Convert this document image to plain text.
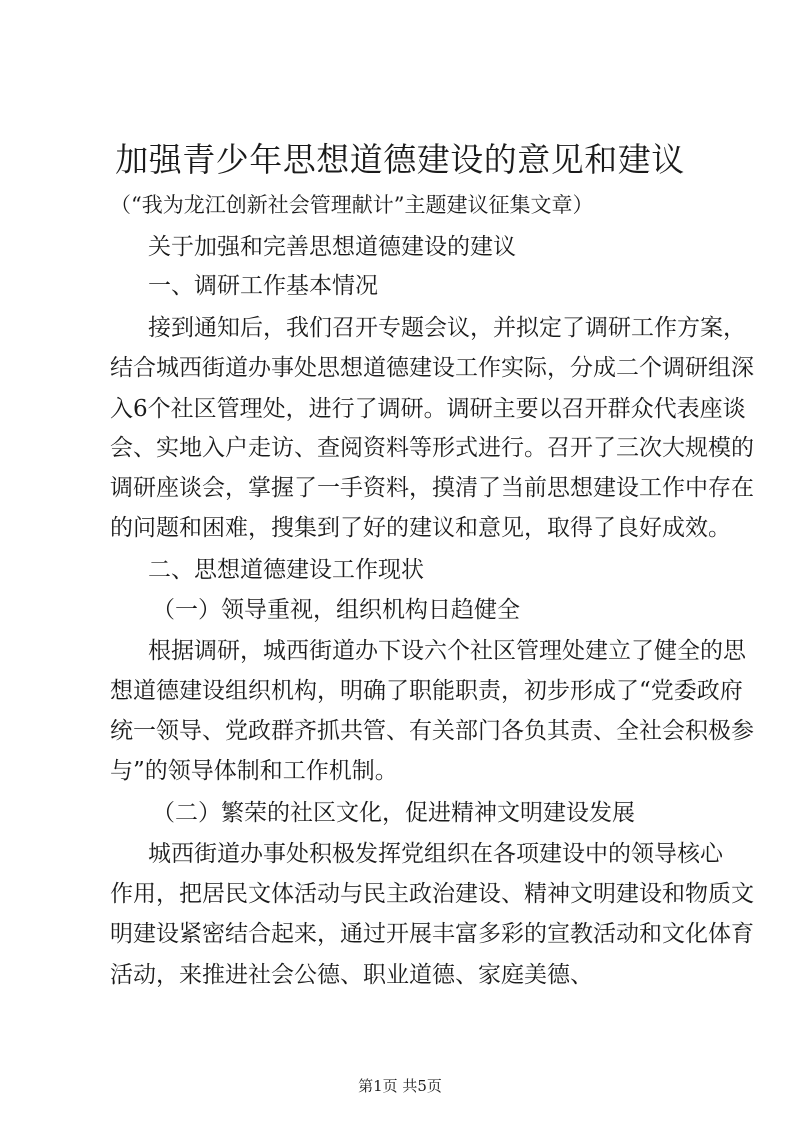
加强青少年思想道德建设的意见和建议
（“我为龙江创新社会管理献计”主题建议征集文章）
关于加强和完善思想道德建设的建议
一、调研工作基本情况
接到通知后，我们召开专题会议，并拟定了调研工作方案，
结合城西街道办事处思想道德建设工作实际，分成二个调研组深
入6个社区管理处，进行了调研。调研主要以召开群众代表座谈
会、实地入户走访、查阅资料等形式进行。召开了三次大规模的
调研座谈会，掌握了一手资料，摸清了当前思想建设工作中存在
的问题和困难，搜集到了好的建议和意见，取得了良好成效。
二、思想道德建设工作现状
（一）领导重视，组织机构日趋健全
根据调研，城西街道办下设六个社区管理处建立了健全的思
想道德建设组织机构，明确了职能职责，初步形成了“党委政府
统一领导、党政群齐抓共管、有关部门各负其责、全社会积极参
与”的领导体制和工作机制。
（二）繁荣的社区文化，促进精神文明建设发展
城西街道办事处积极发挥党组织在各项建设中的领导核心
作用，把居民文体活动与民主政治建设、精神文明建设和物质文
明建设紧密结合起来，通过开展丰富多彩的宣教活动和文化体育
活动，来推进社会公德、职业道德、家庭美德、
第1页 共5页
